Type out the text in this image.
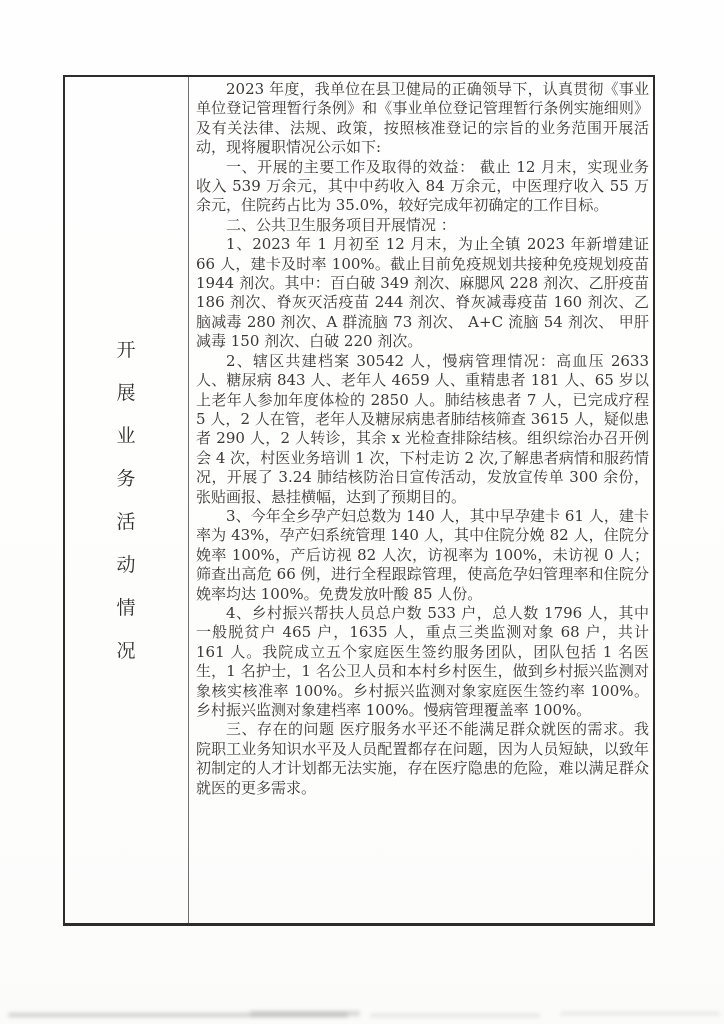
开
展
业
务
活
动
情
况

2023 年度，我单位在县卫健局的正确领导下，认真贯彻《事业单位登记管理暂行条例》和《事业单位登记管理暂行条例实施细则》及有关法律、法规、政策，按照核准登记的宗旨的业务范围开展活动，现将履职情况公示如下:

一、开展的主要工作及取得的效益： 截止 12 月末，实现业务收入 539 万余元，其中中药收入 84 万余元，中医理疗收入 55 万余元，住院药占比为 35.0%，较好完成年初确定的工作目标。

二、公共卫生服务项目开展情况 ：

1、2023 年 1 月初至 12 月末，为止全镇 2023 年新增建证 66 人，建卡及时率 100%。截止目前免疫规划共接种免疫规划疫苗 1944 剂次。其中：百白破 349 剂次、麻腮风 228 剂次、乙肝疫苗 186 剂次、脊灰灭活疫苗 244 剂次、脊灰减毒疫苗 160 剂次、乙脑减毒 280 剂次、A 群流脑 73 剂次、 A+C 流脑 54 剂次、 甲肝减毒 150 剂次、白破 220 剂次。

2、辖区共建档案 30542 人，慢病管理情况：高血压 2633 人、糖尿病 843 人、老年人 4659 人、重精患者 181 人、65 岁以上老年人参加年度体检的 2850 人。肺结核患者 7 人，已完成疗程 5 人，2 人在管，老年人及糖尿病患者肺结核筛查 3615 人，疑似患者 290 人，2 人转诊，其余 x 光检查排除结核。组织综治办召开例会 4 次，村医业务培训 1 次，下村走访 2 次,了解患者病情和服药情况，开展了 3.24 肺结核防治日宣传活动，发放宣传单 300 余份，张贴画报、悬挂横幅，达到了预期目的。

3、今年全乡孕产妇总数为 140 人，其中早孕建卡 61 人，建卡率为 43%，孕产妇系统管理 140 人，其中住院分娩 82 人，住院分娩率 100%，产后访视 82 人次，访视率为 100%，未访视 0 人；筛查出高危 66 例，进行全程跟踪管理，使高危孕妇管理率和住院分娩率均达 100%。免费发放叶酸 85 人份。

4、乡村振兴帮扶人员总户数 533 户，总人数 1796 人，其中一般脱贫户 465 户，1635 人，重点三类监测对象 68 户，共计 161 人。我院成立五个家庭医生签约服务团队，团队包括 1 名医生，1 名护士，1 名公卫人员和本村乡村医生，做到乡村振兴监测对象核实核准率 100%。乡村振兴监测对象家庭医生签约率 100%。乡村振兴监测对象建档率 100%。慢病管理覆盖率 100%。

三、存在的问题 医疗服务水平还不能满足群众就医的需求。我院职工业务知识水平及人员配置都存在问题，因为人员短缺，以致年初制定的人才计划都无法实施，存在医疗隐患的危险，难以满足群众就医的更多需求。
